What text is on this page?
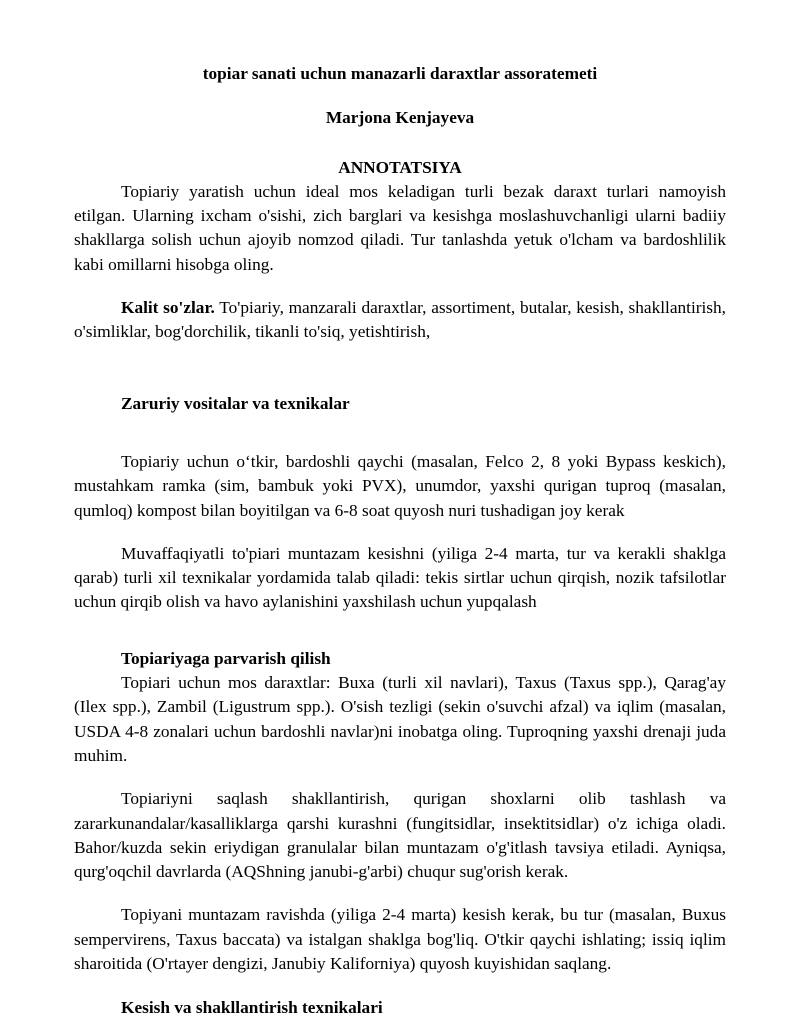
topiar sanati uchun manazarli daraxtlar assoratemeti
Marjona Kenjayeva
ANNOTATSIYA

Topiariy yaratish uchun ideal mos keladigan turli bezak daraxt turlari namoyish etilgan. Ularning ixcham o'sishi, zich barglari va kesishga moslashuvchanligi ularni badiiy shakllarga solish uchun ajoyib nomzod qiladi. Tur tanlashda yetuk o'lcham va bardoshlilik kabi omillarni hisobga oling.

Kalit so'zlar. To'piariy, manzarali daraxtlar, assortiment, butalar, kesish, shakllantirish, o'simliklar, bog'dorchilik, tikanli to'siq, yetishtirish,

Zaruriy vositalar va texnikalar

Topiariy uchun o‘tkir, bardoshli qaychi (masalan, Felco 2, 8 yoki Bypass keskich), mustahkam ramka (sim, bambuk yoki PVX), unumdor, yaxshi qurigan tuproq (masalan, qumloq) kompost bilan boyitilgan va 6-8 soat quyosh nuri tushadigan joy kerak

Muvaffaqiyatli to'piari muntazam kesishni (yiliga 2-4 marta, tur va kerakli shaklga qarab) turli xil texnikalar yordamida talab qiladi: tekis sirtlar uchun qirqish, nozik tafsilotlar uchun qirqib olish va havo aylanishini yaxshilash uchun yupqalash

Topiariyaga parvarish qilish

Topiari uchun mos daraxtlar: Buxa (turli xil navlari), Taxus (Taxus spp.), Qarag'ay (Ilex spp.), Zambil (Ligustrum spp.). O'sish tezligi (sekin o'suvchi afzal) va iqlim (masalan, USDA 4-8 zonalari uchun bardoshli navlar)ni inobatga oling. Tuproqning yaxshi drenaji juda muhim.

Topiariyni saqlash shakllantirish, qurigan shoxlarni olib tashlash va zararkunandalar/kasalliklarga qarshi kurashni (fungitsidlar, insektitsidlar) o'z ichiga oladi. Bahor/kuzda sekin eriydigan granulalar bilan muntazam o'g'itlash tavsiya etiladi. Ayniqsa, qurg'oqchil davrlarda (AQShning janubi-g'arbi) chuqur sug'orish kerak.

Topiyani muntazam ravishda (yiliga 2-4 marta) kesish kerak, bu tur (masalan, Buxus sempervirens, Taxus baccata) va istalgan shaklga bog'liq. O'tkir qaychi ishlating; issiq iqlim sharoitida (O'rtayer dengizi, Janubiy Kaliforniya) quyosh kuyishidan saqlang.

Kesish va shakllantirish texnikalari
